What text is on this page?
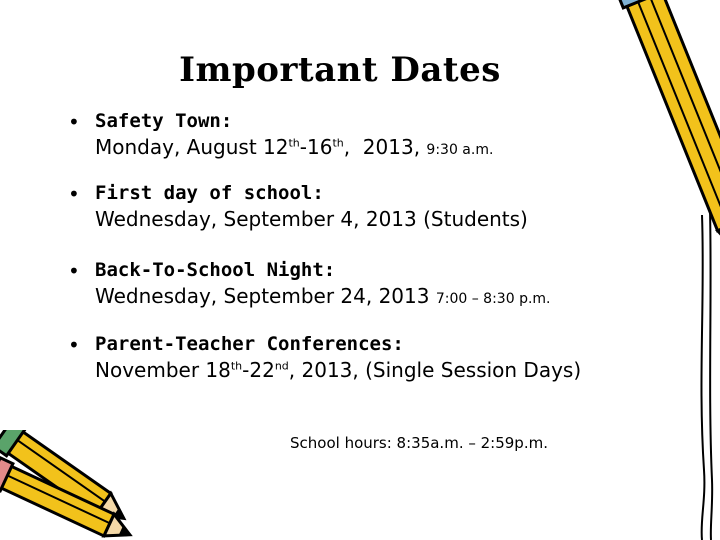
Important Dates
• Safety Town:
Monday, August 12th-16th,  2013, 9:30 a.m.
• First day of school:
Wednesday, September 4, 2013 (Students)
• Back-To-School Night:
Wednesday, September 24, 2013 7:00 – 8:30 p.m.
• Parent-Teacher Conferences:
November 18th-22nd, 2013, (Single Session Days)
School hours: 8:35a.m. – 2:59p.m.
